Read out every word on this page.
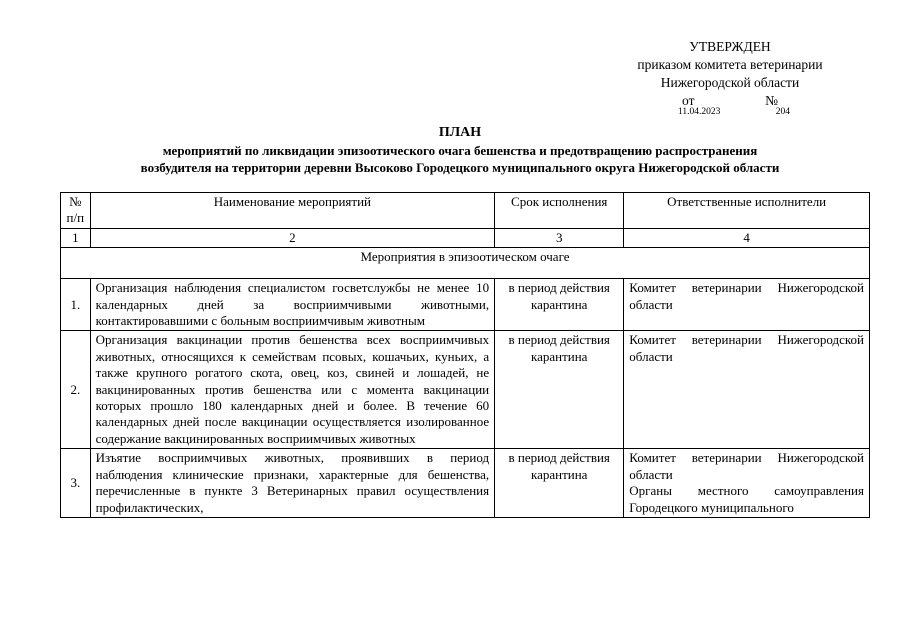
УТВЕРЖДЕН
приказом комитета ветеринарии
Нижегородской области
от	№
11.04.2023	204
ПЛАН
мероприятий по ликвидации эпизоотического очага бешенства и предотвращению распространения
возбудителя на территории деревни Высоково Городецкого муниципального округа Нижегородской области
№ п/п	Наименование мероприятий	Срок исполнения	Ответственные исполнители
1	2	3	4
Мероприятия в эпизоотическом очаге			
1.	Организация наблюдения специалистом госветслужбы не менее 10 календарных дней за восприимчивыми животными, контактировавшими с больным восприимчивым животным	в период действия карантина	Комитет ветеринарии Нижегородской области

2.	Организация вакцинации против бешенства всех восприимчивых животных, относящихся к семействам псовых, кошачьих, куньих, а также крупного рогатого скота, овец, коз, свиней и лошадей, не вакцинированных против бешенства или с момента вакцинации которых прошло 180 календарных дней и более. В течение 60 календарных дней после вакцинации осуществляется изолированное содержание вакцинированных восприимчивых животных	в период действия карантина	Комитет ветеринарии Нижегородской области

3.	Изъятие восприимчивых животных, проявивших в период наблюдения клинические признаки, характерные для бешенства, перечисленные в пункте 3 Ветеринарных правил осуществления профилактических,	в период действия карантина	Комитет ветеринарии Нижегородской области
Органы местного самоуправления Городецкого муниципального
